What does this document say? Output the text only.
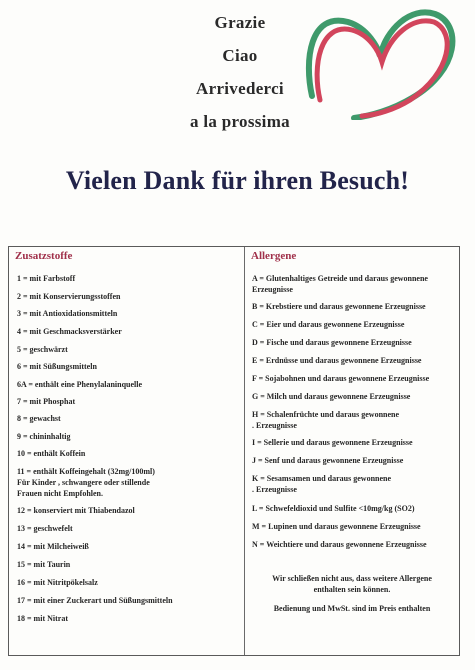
Grazie
Ciao
Arrivederci
a la prossima
Vielen Dank für ihren Besuch!
Zusatzstoffe
1 = mit Farbstoff
2 = mit Konservierungsstoffen
3 = mit Antioxidationsmitteln
4 = mit Geschmacksverstärker
5 = geschwärzt
6 = mit Süßungsmitteln
6A = enthält eine Phenylalaninquelle
7 = mit Phosphat
8 = gewachst
9 = chininhaltig
10 = enthält Koffein
11 = enthält Koffeingehalt (32mg/100ml)
Für Kinder , schwangere oder stillende
Frauen nicht Empfohlen.
12 = konserviert mit Thiabendazol
13 = geschwefelt
14 = mit Milcheiweiß
15 = mit Taurin
16 = mit Nitritpökelsalz
17 = mit einer Zuckerart und Süßungsmitteln
18 = mit Nitrat
Allergene
A = Glutenhaltiges Getreide und daraus gewonnene
Erzeugnisse
B = Krebstiere und daraus gewonnene Erzeugnisse
C = Eier und daraus gewonnene Erzeugnisse
D = Fische und daraus gewonnene Erzeugnisse
E = Erdnüsse und daraus gewonnene Erzeugnisse
F = Sojabohnen und daraus gewonnene Erzeugnisse
G = Milch und daraus gewonnene Erzeugnisse
H = Schalenfrüchte und daraus gewonnene
. Erzeugnisse
I = Sellerie und daraus gewonnene Erzeugnisse
J = Senf und daraus gewonnene Erzeugnisse
K = Sesamsamen und daraus gewonnene
. Erzeugnisse
L = Schwefeldioxid und Sulfite <10mg/kg (SO2)
M = Lupinen und daraus gewonnene Erzeugnisse
N = Weichtiere und daraus gewonnene Erzeugnisse
Wir schließen nicht aus, dass weitere Allergene
enthalten sein können.
Bedienung und MwSt. sind im Preis enthalten
